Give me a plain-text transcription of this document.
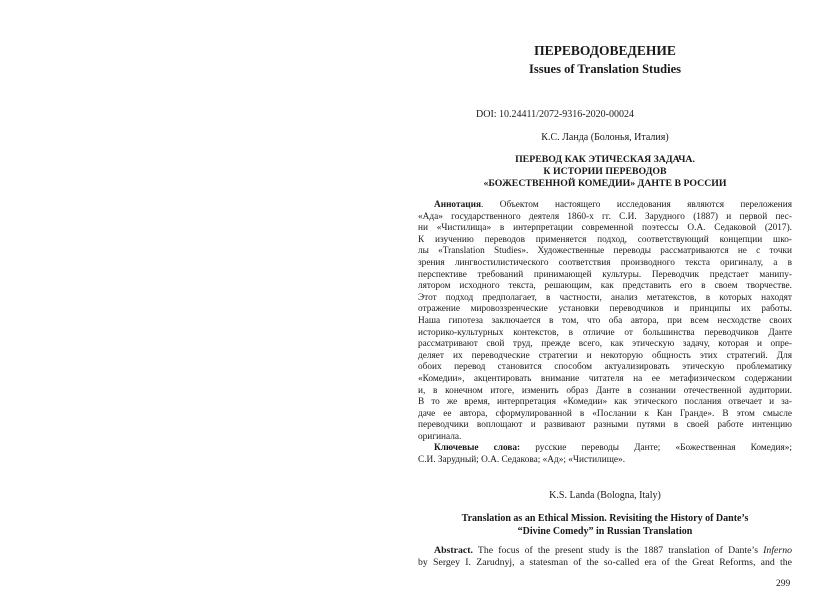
ПЕРЕВОДОВЕДЕНИЕ
Issues of Translation Studies
DOI: 10.24411/2072-9316-2020-00024
К.С. Ланда (Болонья, Италия)
ПЕРЕВОД КАК ЭТИЧЕСКАЯ ЗАДАЧА.
К ИСТОРИИ ПЕРЕВОДОВ
«БОЖЕСТВЕННОЙ КОМЕДИИ» ДАНТЕ В РОССИИ
Аннотация. Объектом настоящего исследования являются переложения
«Ада» государственного деятеля 1860-х гг. С.И. Зарудного (1887) и первой пес-
ни «Чистилища» в интерпретации современной поэтессы О.А. Седаковой (2017).
К изучению переводов применяется подход, соответствующий концепции шко-
лы «Translation Studies». Художественные переводы рассматриваются не с точки
зрения лингвостилистического соответствия производного текста оригиналу, а в
перспективе требований принимающей культуры. Переводчик предстает манипу-
лятором исходного текста, решающим, как представить его в своем творчестве.
Этот подход предполагает, в частности, анализ метатекстов, в которых находят
отражение мировоззренческие установки переводчиков и принципы их работы.
Наша гипотеза заключается в том, что оба автора, при всем несходстве своих
историко-культурных контекстов, в отличие от большинства переводчиков Данте
рассматривают свой труд, прежде всего, как этическую задачу, которая и опре-
деляет их переводческие стратегии и некоторую общность этих стратегий. Для
обоих перевод становится способом актуализировать этическую проблематику
«Комедии», акцентировать внимание читателя на ее метафизическом содержании
и, в конечном итоге, изменить образ Данте в сознании отечественной аудитории.
В то же время, интерпретация «Комедии» как этического послания отвечает и за-
даче ее автора, сформулированной в «Послании к Кан Гранде». В этом смысле
переводчики воплощают и развивают разными путями в своей работе интенцию
оригинала.
Ключевые слова: русские переводы Данте; «Божественная Комедия»;
С.И. Зарудный; О.А. Седакова; «Ад»; «Чистилище».
K.S. Landa (Bologna, Italy)
Translation as an Ethical Mission. Revisiting the History of Dante’s
“Divine Comedy” in Russian Translation
Abstract. The focus of the present study is the 1887 translation of Dante’s Inferno
by Sergey I. Zarudnyj, a statesman of the so-called era of the Great Reforms, and the
299
